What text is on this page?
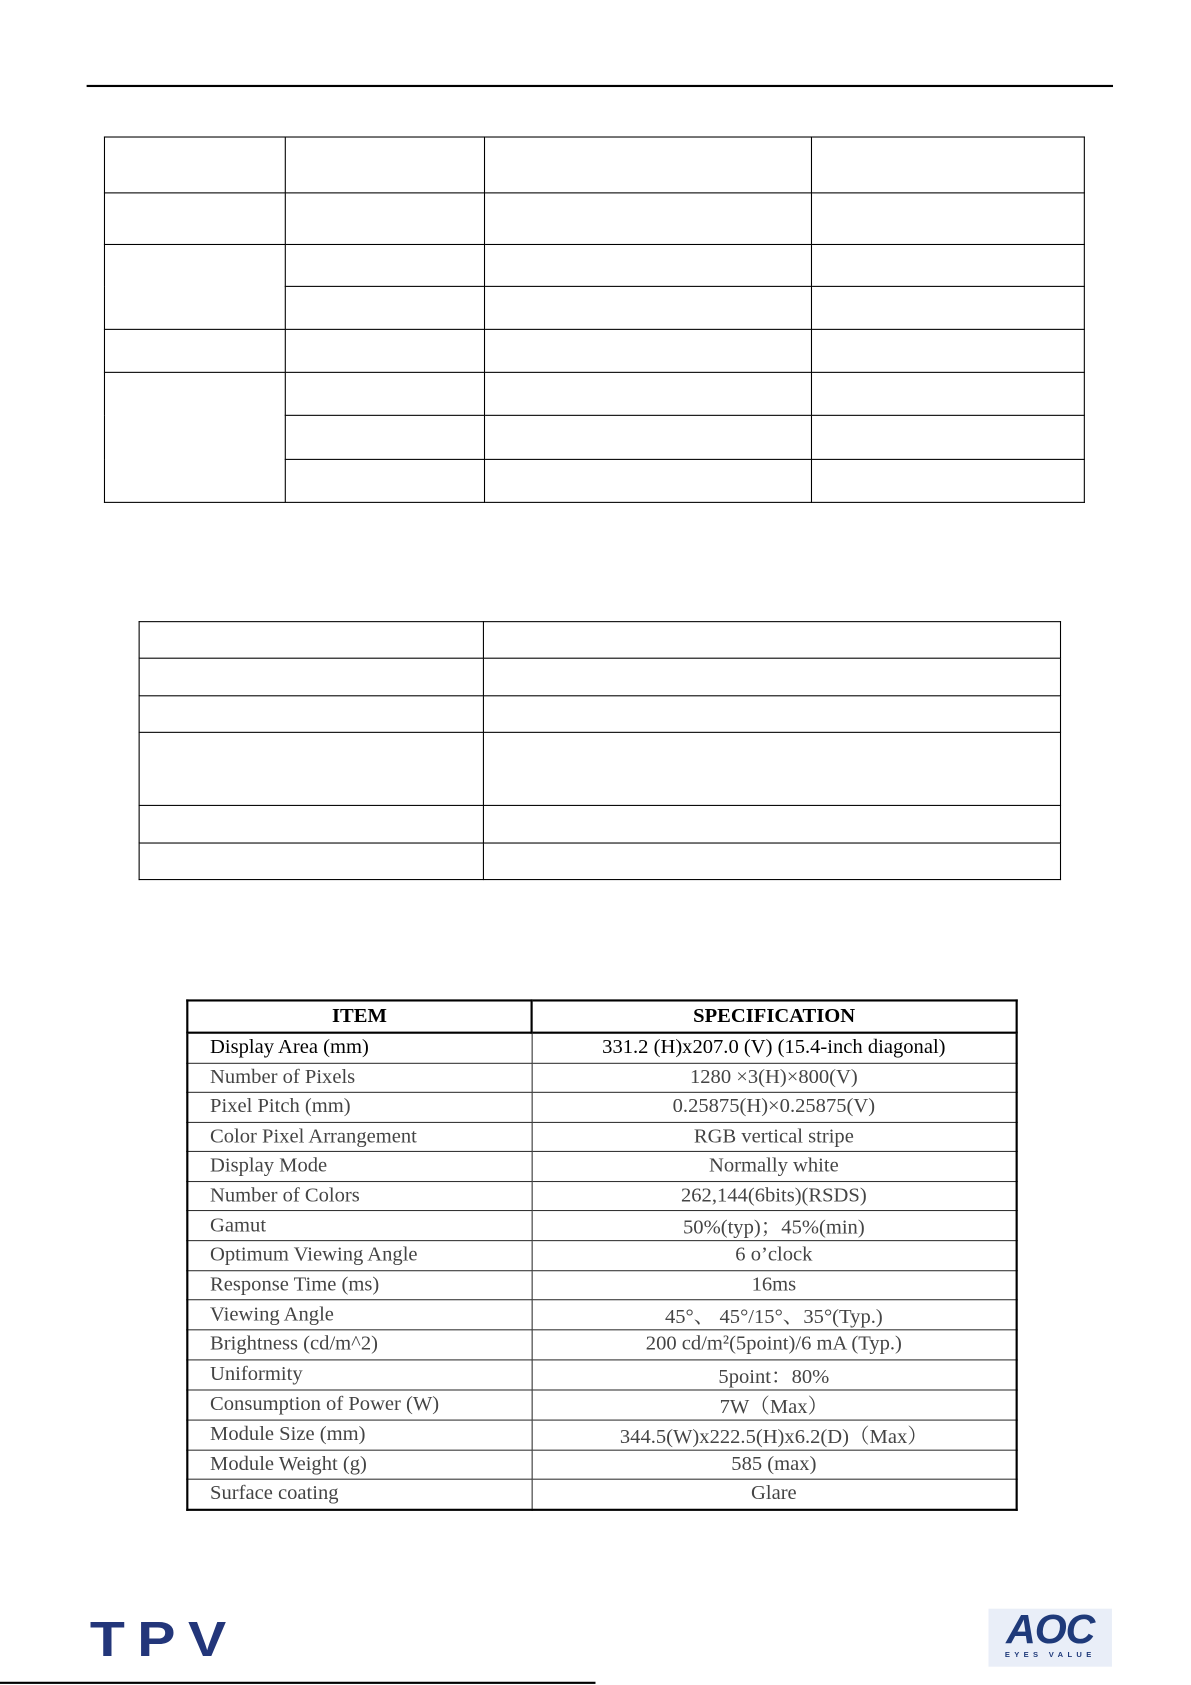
ITEM	SPECIFICATION
Display Area (mm)	331.2 (H)x207.0 (V) (15.4-inch diagonal)
Number of Pixels	1280 ×3(H)×800(V)
Pixel Pitch (mm)	0.25875(H)×0.25875(V)
Color Pixel Arrangement	RGB vertical stripe
Display Mode	Normally white
Number of Colors	262,144(6bits)(RSDS)
Gamut	50%(typ)；45%(min)
Optimum Viewing Angle	6 o’clock
Response Time (ms)	16ms
Viewing Angle	45°、 45°/15°、35°(Typ.)
Brightness (cd/m^2)	200 cd/m²(5point)/6 mA (Typ.)
Uniformity	5point：80%
Consumption of Power (W)	7W（Max）
Module Size (mm)	344.5(W)x222.5(H)x6.2(D)（Max）
Module Weight (g)	585 (max)
Surface coating	Glare
TPV	AOC
EYES VALUE
